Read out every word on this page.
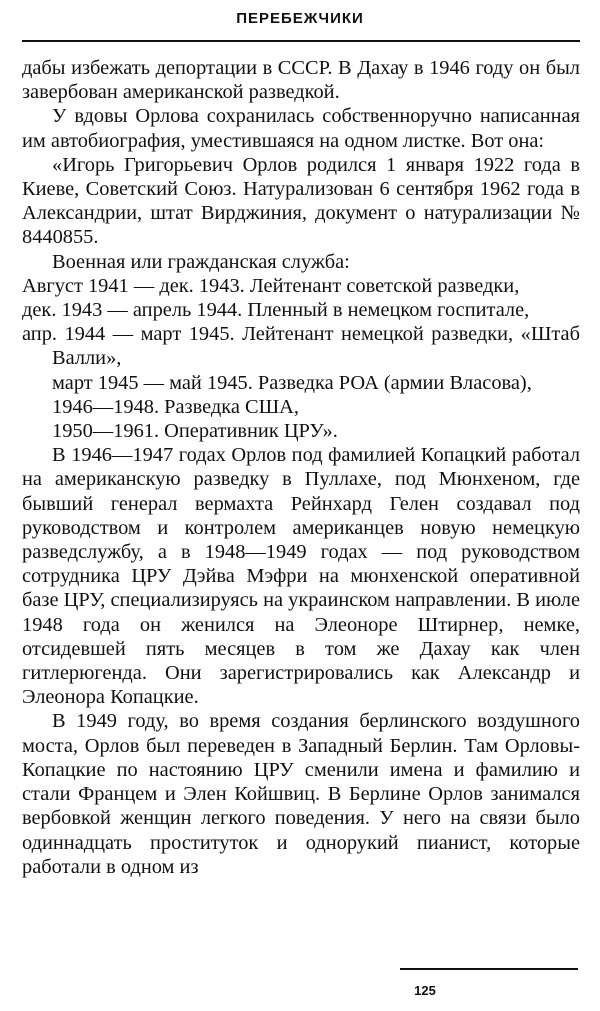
ПЕРЕБЕЖЧИКИ

дабы избежать депортации в СССР. В Дахау в 1946 году он был завербован американской разведкой.

У вдовы Орлова сохранилась собственноручно написанная им автобиография, уместившаяся на одном листке. Вот она:

«Игорь Григорьевич Орлов родился 1 января 1922 года в Киеве, Советский Союз. Натурализован 6 сентября 1962 года в Александрии, штат Вирджиния, документ о натурализации № 8440855.

Военная или гражданская служба:

Август 1941 — дек. 1943. Лейтенант советской разведки,

дек. 1943 — апрель 1944. Пленный в немецком госпитале,

апр. 1944 — март 1945. Лейтенант немецкой разведки, «Штаб Валли»,

март 1945 — май 1945. Разведка РОА (армии Власова),

1946—1948. Разведка США,

1950—1961. Оперативник ЦРУ».

В 1946—1947 годах Орлов под фамилией Копацкий работал на американскую разведку в Пуллахе, под Мюнхеном, где бывший генерал вермахта Рейнхард Гелен создавал под руководством и контролем американцев новую немецкую разведслужбу, а в 1948—1949 годах — под руководством сотрудника ЦРУ Дэйва Мэфри на мюнхенской оперативной базе ЦРУ, специализируясь на украинском направлении. В июле 1948 года он женился на Элеоноре Штирнер, немке, отсидевшей пять месяцев в том же Дахау как член гитлерюгенда. Они зарегистрировались как Александр и Элеонора Копацкие.

В 1949 году, во время создания берлинского воздушного моста, Орлов был переведен в Западный Берлин. Там Орловы-Копацкие по настоянию ЦРУ сменили имена и фамилию и стали Францем и Элен Койшвиц. В Берлине Орлов занимался вербовкой женщин легкого поведения. У него на связи было одиннадцать проституток и однорукий пианист, которые работали в одном из

125
